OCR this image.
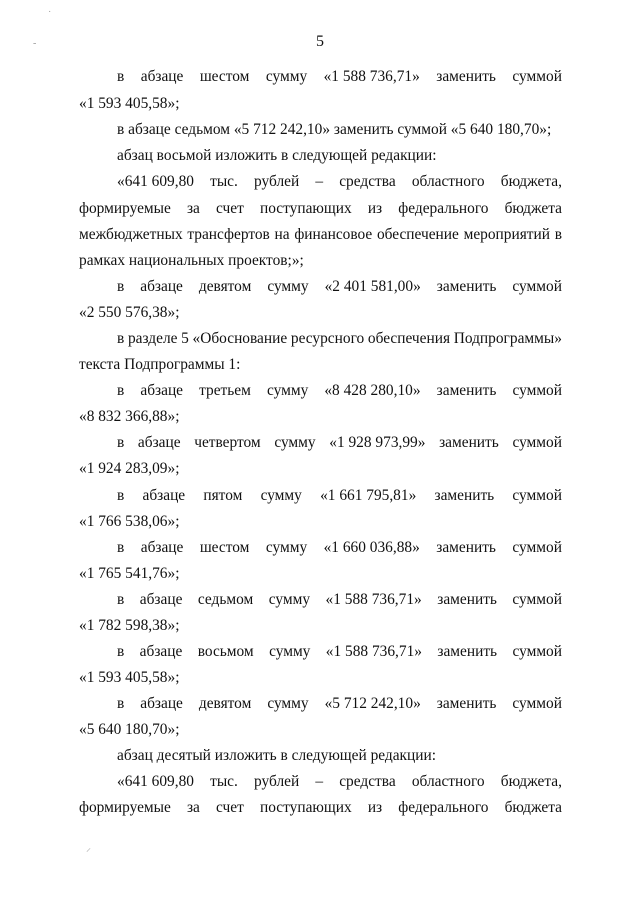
5
˙
-
⸝
в абзаце шестом сумму «1 588 736,71» заменить суммой
«1 593 405,58»;
в абзаце седьмом «5 712 242,10» заменить суммой «5 640 180,70»;
абзац восьмой изложить в следующей редакции:
«641 609,80 тыс. рублей – средства областного бюджета,
формируемые за счет поступающих из федерального бюджета
межбюджетных трансфертов на финансовое обеспечение мероприятий в
рамках национальных проектов;»;
в абзаце девятом сумму «2 401 581,00» заменить суммой
«2 550 576,38»;
в разделе 5 «Обоснование ресурсного обеспечения Подпрограммы»
текста Подпрограммы 1:
в абзаце третьем сумму «8 428 280,10» заменить суммой
«8 832 366,88»;
в абзаце четвертом сумму «1 928 973,99» заменить суммой
«1 924 283,09»;
в абзаце пятом сумму «1 661 795,81» заменить суммой
«1 766 538,06»;
в абзаце шестом сумму «1 660 036,88» заменить суммой
«1 765 541,76»;
в абзаце седьмом сумму «1 588 736,71» заменить суммой
«1 782 598,38»;
в абзаце восьмом сумму «1 588 736,71» заменить суммой
«1 593 405,58»;
в абзаце девятом сумму «5 712 242,10» заменить суммой
«5 640 180,70»;
абзац десятый изложить в следующей редакции:
«641 609,80 тыс. рублей – средства областного бюджета,
формируемые за счет поступающих из федерального бюджета
